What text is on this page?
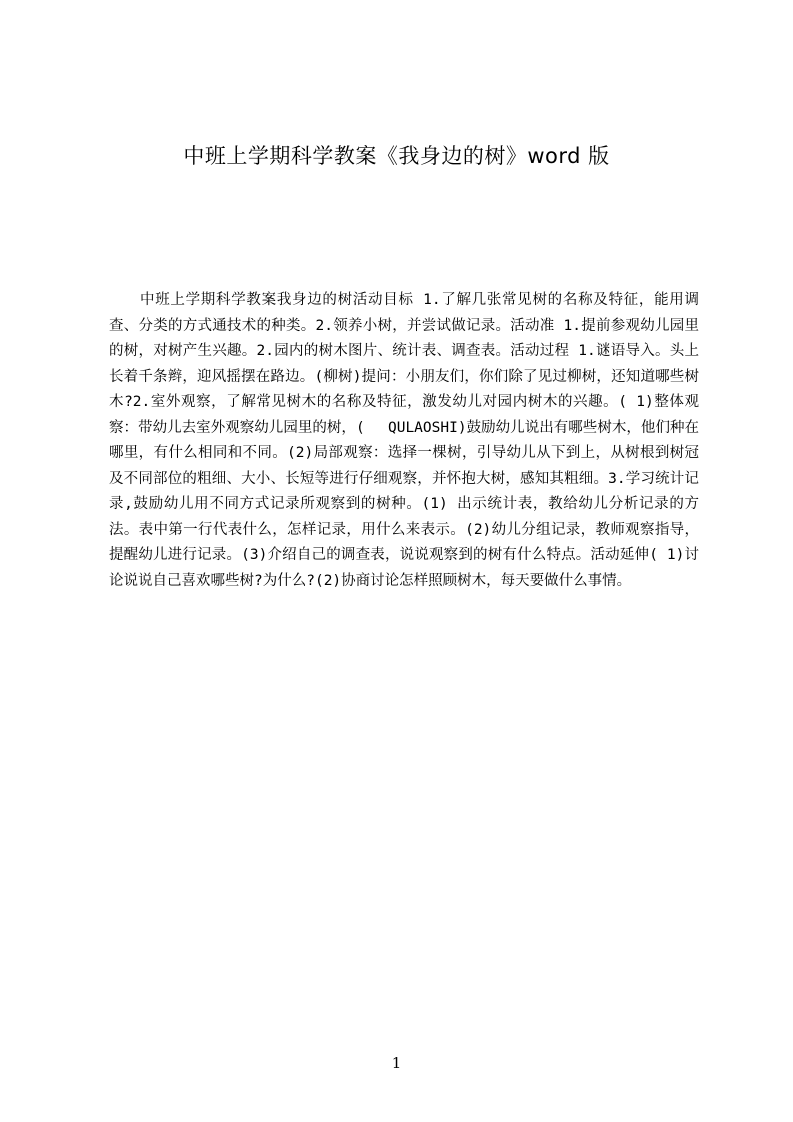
中班上学期科学教案《我身边的树》word 版
中班上学期科学教案我身边的树活动目标 1.了解几张常见树的名称及特征，能用调查、分类的方式通技术的种类。2.领养小树，并尝试做记录。活动准 1.提前参观幼儿园里的树，对树产生兴趣。2.园内的树木图片、统计表、调查表。活动过程 1.谜语导入。头上长着千条辫，迎风摇摆在路边。(柳树)提问：小朋友们，你们除了见过柳树，还知道哪些树木?2.室外观察，了解常见树木的名称及特征，激发幼儿对园内树木的兴趣。( 1)整体观察：带幼儿去室外观察幼儿园里的树，(　 QULAOSHI)鼓励幼儿说出有哪些树木，他们种在哪里，有什么相同和不同。(2)局部观察：选择一棵树，引导幼儿从下到上，从树根到树冠及不同部位的粗细、大小、长短等进行仔细观察，并怀抱大树，感知其粗细。3.学习统计记录,鼓励幼儿用不同方式记录所观察到的树种。(1) 出示统计表，教给幼儿分析记录的方法。表中第一行代表什么，怎样记录，用什么来表示。(2)幼儿分组记录，教师观察指导，提醒幼儿进行记录。(3)介绍自己的调查表，说说观察到的树有什么特点。活动延伸( 1)讨论说说自己喜欢哪些树?为什么?(2)协商讨论怎样照顾树木，每天要做什么事情。
1
